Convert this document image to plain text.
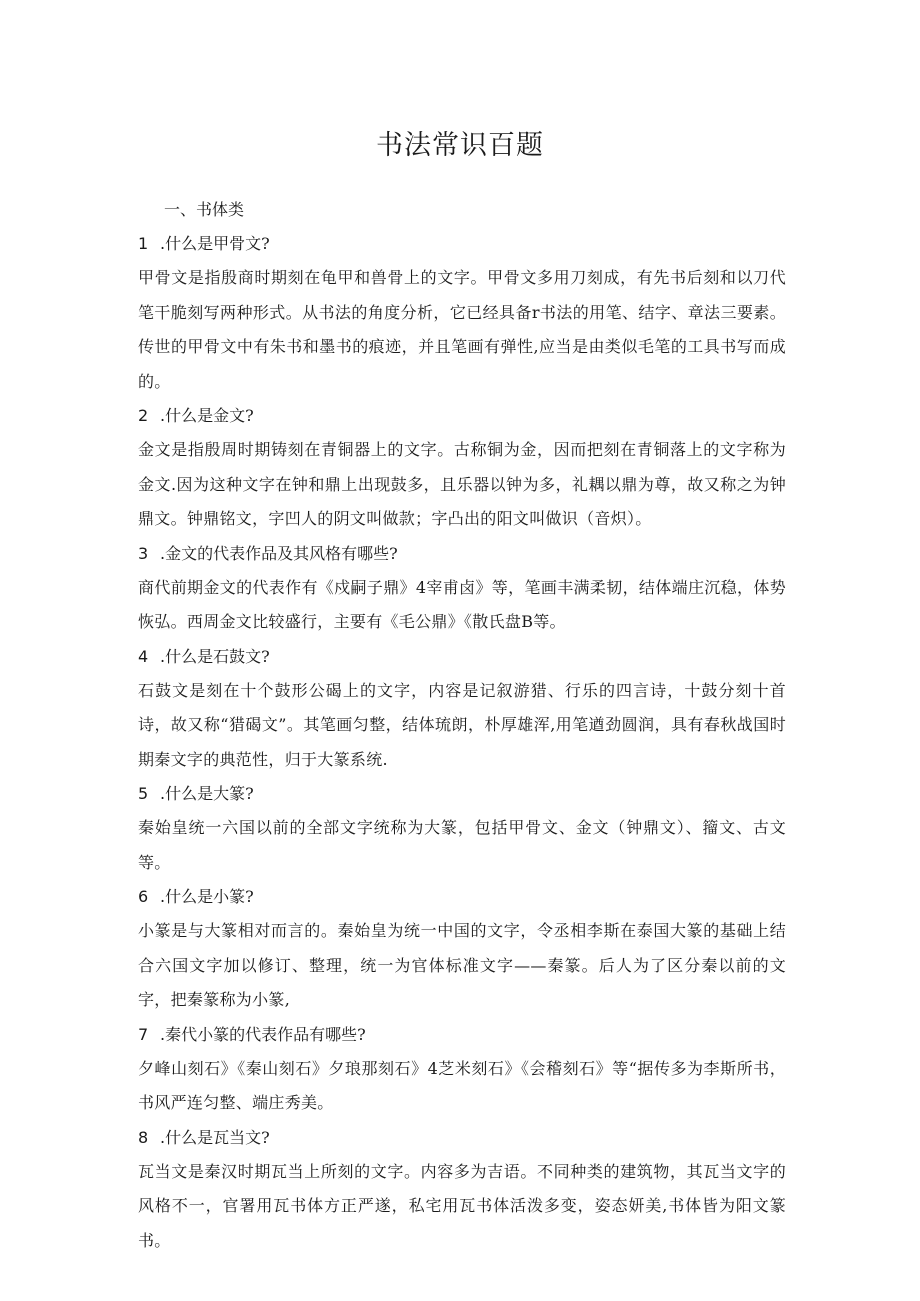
书法常识百题

一、书体类

1 .什么是甲骨文?

甲骨文是指殷商时期刻在龟甲和兽骨上的文字。甲骨文多用刀刻成，有先书后刻和以刀代笔干脆刻写两种形式。从书法的角度分析，它已经具备r书法的用笔、结字、章法三要素。传世的甲骨文中有朱书和墨书的痕迹，并且笔画有弹性,应当是由类似毛笔的工具书写而成的。

2 .什么是金文?

金文是指殷周时期铸刻在青铜器上的文字。古称铜为金，因而把刻在青铜落上的文字称为金文.因为这种文字在钟和鼎上出现鼓多，且乐器以钟为多，礼耦以鼎为尊，故又称之为钟鼎文。钟鼎铭文，字凹人的阴文叫做款；字凸出的阳文叫做识（音炽）。

3 .金文的代表作品及其风格有哪些?

商代前期金文的代表作有《戍嗣子鼎》4宰甫卤》等，笔画丰满柔韧，结体端庄沉稳，体势恢弘。西周金文比较盛行，主要有《毛公鼎》《散氏盘B等。

4 .什么是石鼓文?

石鼓文是刻在十个鼓形公碣上的文字，内容是记叙游猎、行乐的四言诗，十鼓分刻十首诗，故又称“猎碣文”。其笔画匀整，结体琉朗，朴厚雄浑,用笔遒劲圆润，具有春秋战国时期秦文字的典范性，归于大篆系统.

5 .什么是大篆?

秦始皇统一六国以前的全部文字统称为大篆，包括甲骨文、金文（钟鼎文）、籀文、古文等。

6 .什么是小篆?

小篆是与大篆相对而言的。秦始皇为统一中国的文字，令丞相李斯在泰国大篆的基础上结合六国文字加以修订、整理，统一为官体标准文字——秦篆。后人为了区分秦以前的文字，把秦篆称为小篆,

7 .秦代小篆的代表作品有哪些?

夕峰山刻石》《秦山刻石》夕琅那刻石》4芝米刻石》《会稽刻石》等“据传多为李斯所书，书风严连匀整、端庄秀美。

8 .什么是瓦当文?

瓦当文是秦汉时期瓦当上所刻的文字。内容多为吉语。不同种类的建筑物，其瓦当文字的风格不一，官署用瓦书体方正严遂，私宅用瓦书体活泼多变，姿态妍美,书体皆为阳文篆书。
